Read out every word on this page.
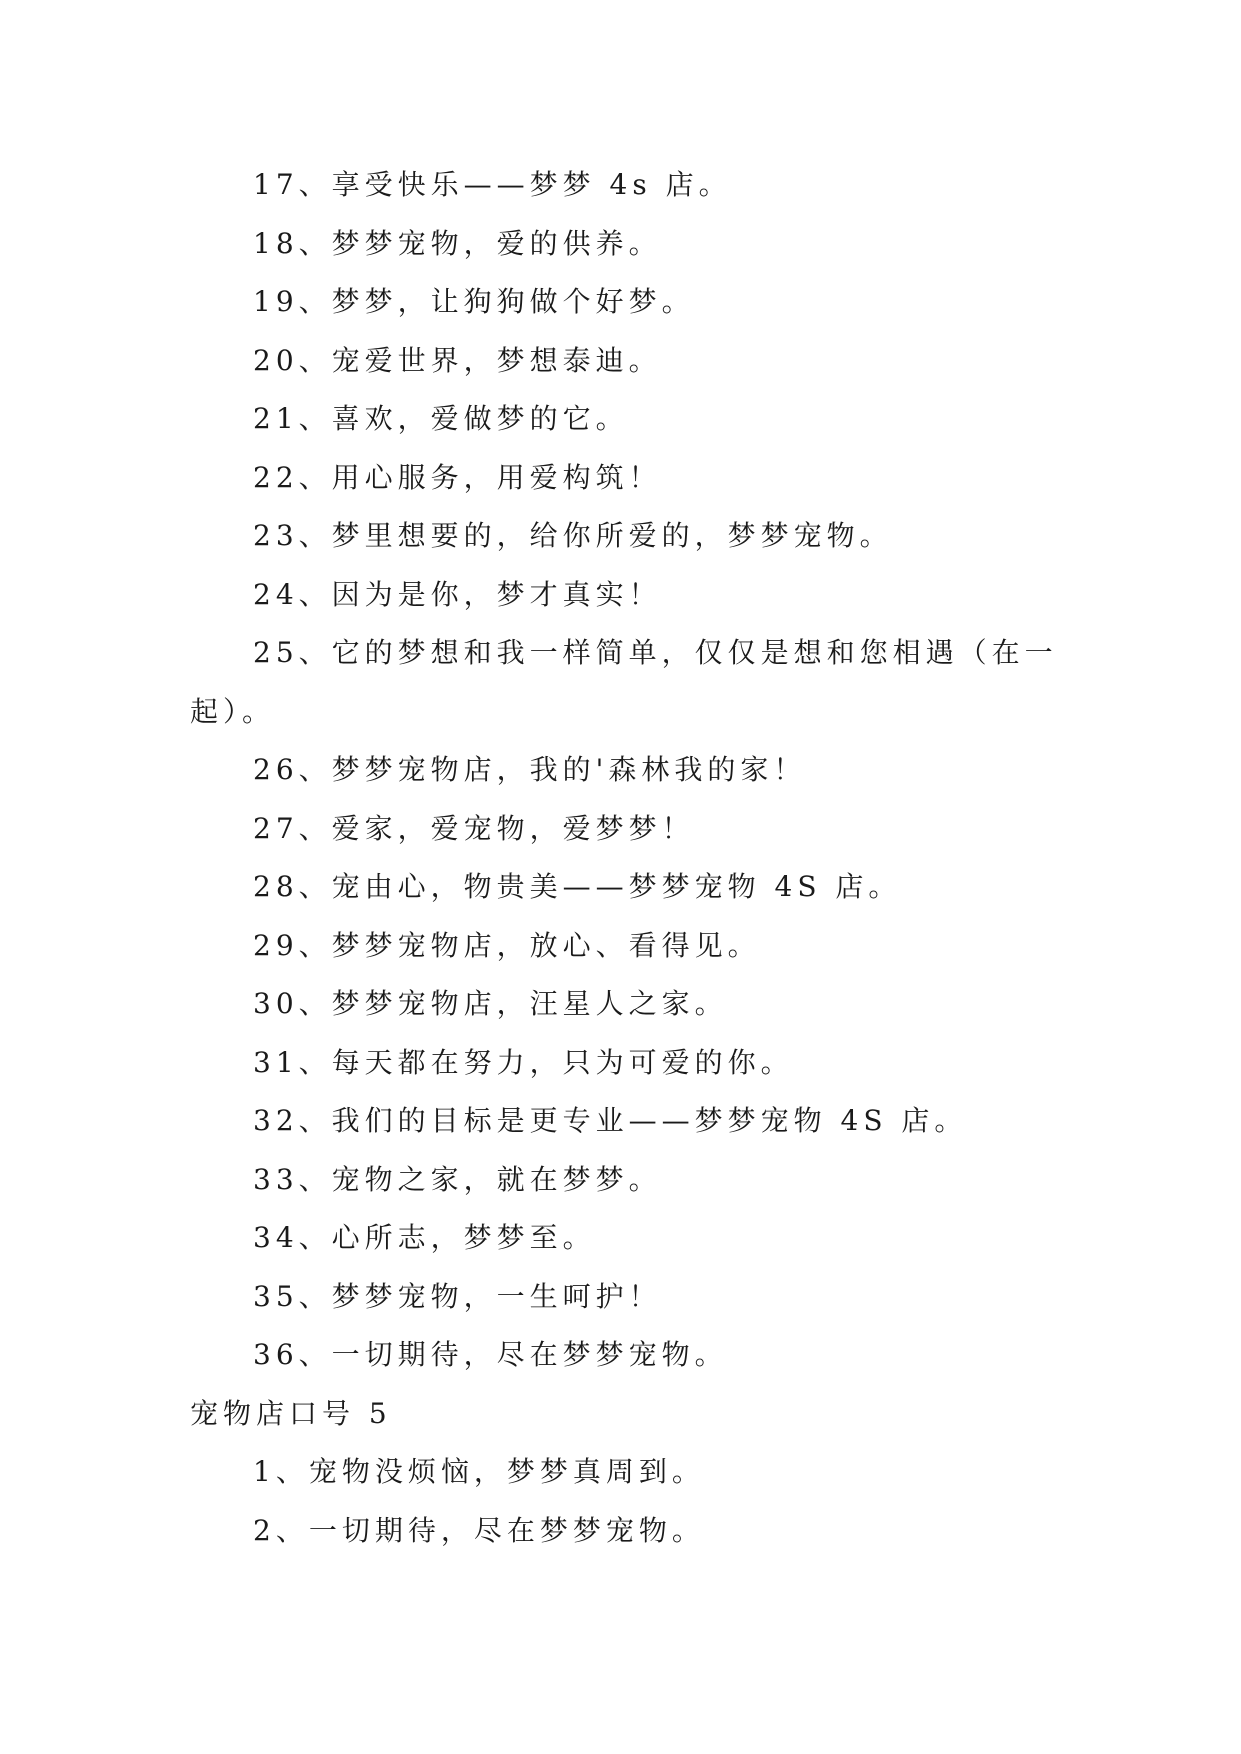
17、享受快乐——梦梦 4s 店。
18、梦梦宠物，爱的供养。
19、梦梦，让狗狗做个好梦。
20、宠爱世界，梦想泰迪。
21、喜欢，爱做梦的它。
22、用心服务，用爱构筑！
23、梦里想要的，给你所爱的，梦梦宠物。
24、因为是你，梦才真实！
25、它的梦想和我一样简单，仅仅是想和您相遇（在一
起）。
26、梦梦宠物店，我的'森林我的家！
27、爱家，爱宠物，爱梦梦！
28、宠由心，物贵美——梦梦宠物 4S 店。
29、梦梦宠物店，放心、看得见。
30、梦梦宠物店，汪星人之家。
31、每天都在努力，只为可爱的你。
32、我们的目标是更专业——梦梦宠物 4S 店。
33、宠物之家，就在梦梦。
34、心所志，梦梦至。
35、梦梦宠物，一生呵护！
36、一切期待，尽在梦梦宠物。
宠物店口号 5
1、宠物没烦恼，梦梦真周到。
2、一切期待，尽在梦梦宠物。
